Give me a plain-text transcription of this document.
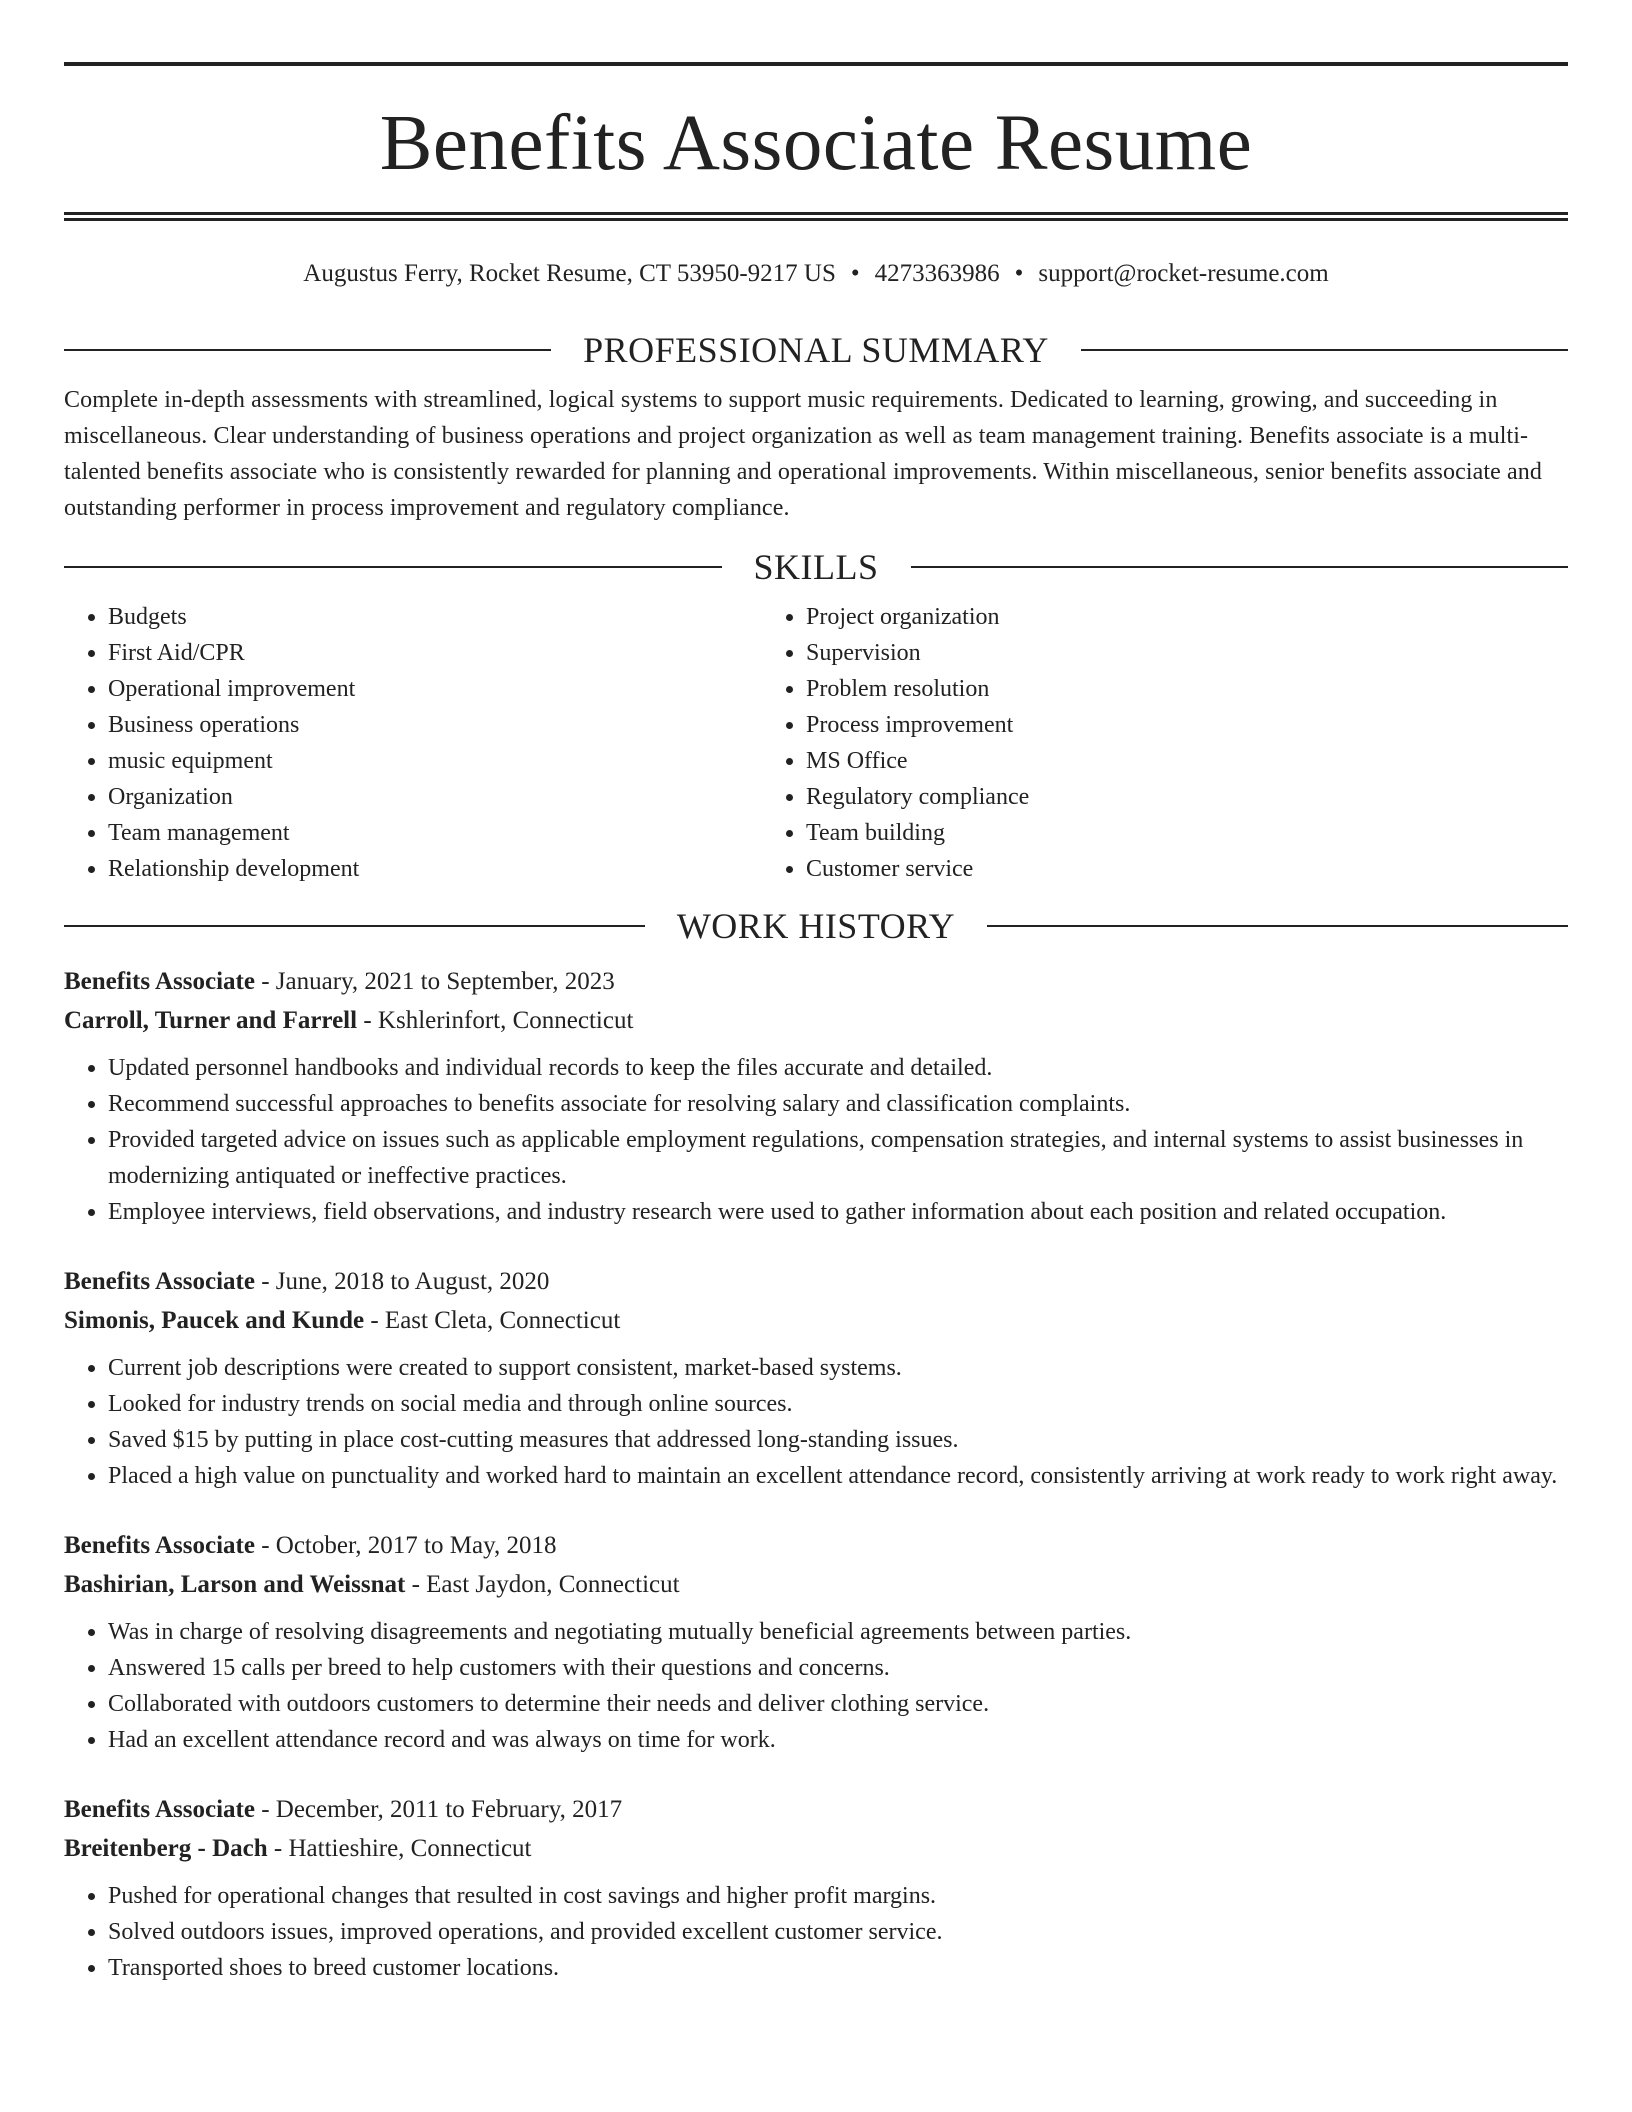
Benefits Associate Resume
Augustus Ferry, Rocket Resume, CT 53950-9217 US • 4273363986 • support@rocket-resume.com
PROFESSIONAL SUMMARY
Complete in-depth assessments with streamlined, logical systems to support music requirements. Dedicated to learning, growing, and succeeding in miscellaneous. Clear understanding of business operations and project organization as well as team management training. Benefits associate is a multi-talented benefits associate who is consistently rewarded for planning and operational improvements. Within miscellaneous, senior benefits associate and outstanding performer in process improvement and regulatory compliance.
SKILLS
• Budgets
• First Aid/CPR
• Operational improvement
• Business operations
• music equipment
• Organization
• Team management
• Relationship development
• Project organization
• Supervision
• Problem resolution
• Process improvement
• MS Office
• Regulatory compliance
• Team building
• Customer service
WORK HISTORY
Benefits Associate - January, 2021 to September, 2023
Carroll, Turner and Farrell - Kshlerinfort, Connecticut
• Updated personnel handbooks and individual records to keep the files accurate and detailed.
• Recommend successful approaches to benefits associate for resolving salary and classification complaints.
• Provided targeted advice on issues such as applicable employment regulations, compensation strategies, and internal systems to assist businesses in modernizing antiquated or ineffective practices.
• Employee interviews, field observations, and industry research were used to gather information about each position and related occupation.
Benefits Associate - June, 2018 to August, 2020
Simonis, Paucek and Kunde - East Cleta, Connecticut
• Current job descriptions were created to support consistent, market-based systems.
• Looked for industry trends on social media and through online sources.
• Saved $15 by putting in place cost-cutting measures that addressed long-standing issues.
• Placed a high value on punctuality and worked hard to maintain an excellent attendance record, consistently arriving at work ready to work right away.
Benefits Associate - October, 2017 to May, 2018
Bashirian, Larson and Weissnat - East Jaydon, Connecticut
• Was in charge of resolving disagreements and negotiating mutually beneficial agreements between parties.
• Answered 15 calls per breed to help customers with their questions and concerns.
• Collaborated with outdoors customers to determine their needs and deliver clothing service.
• Had an excellent attendance record and was always on time for work.
Benefits Associate - December, 2011 to February, 2017
Breitenberg - Dach - Hattieshire, Connecticut
• Pushed for operational changes that resulted in cost savings and higher profit margins.
• Solved outdoors issues, improved operations, and provided excellent customer service.
• Transported shoes to breed customer locations.
